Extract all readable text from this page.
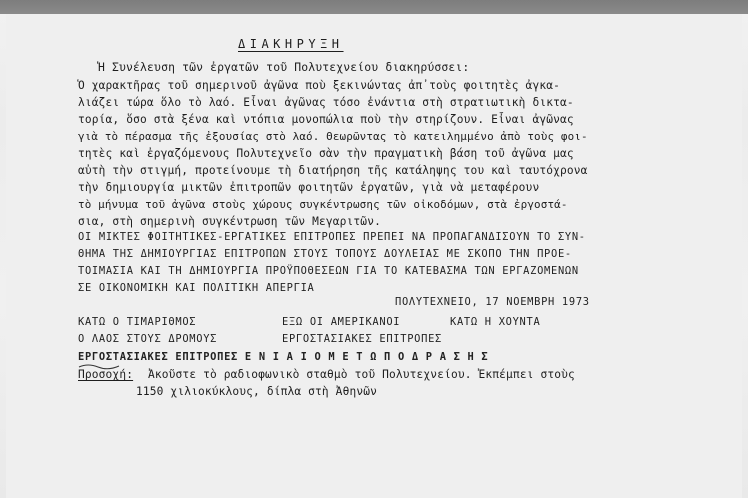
ΔΙΑΚΗΡΥΞΗ
Ἡ Συνέλευση τῶν ἐργατῶν τοῦ Πολυτεχνείου διακηρύσσει:
Ὁ χαρακτῆρας τοῦ σημερινοῦ ἀγῶνα ποὺ ξεκινώντας ἀπ᾽τοὺς φοιτητὲς ἀγκα-
λιάζει τώρα ὅλο τὸ λαό. Εἶναι ἀγῶνας τόσο ἐνάντια στὴ στρατιωτικὴ δικτα-
τορία, ὅσο στὰ ξένα καὶ ντόπια μονοπώλια ποὺ τὴν στηρίζουν. Εἶναι ἀγῶνας
γιὰ τὸ πέρασμα τῆς ἐξουσίας στὸ λαό. Θεωρῶντας τὸ κατειλημμένο ἀπὸ τοὺς φοι-
τητὲς καὶ ἐργαζόμενους Πολυτεχνεῖο σὰν τὴν πραγματικὴ βάση τοῦ ἀγῶνα μας
αὐτὴ τὴν στιγμή, προτείνουμε τὴ διατήρηση τῆς κατάληψης του καὶ ταυτόχρονα
τὴν δημιουργία μικτῶν ἐπιτροπῶν φοιτητῶν ἐργατῶν, γιὰ νὰ μεταφέρουν
τὸ μήνυμα τοῦ ἀγῶνα στοὺς χώρους συγκέντρωσης τῶν οἰκοδόμων, στὰ ἐργοστά-
σια, στὴ σημερινὴ συγκέντρωση τῶν Μεγαριτῶν.
ΟΙ ΜΙΚΤΕΣ ΦΟΙΤΗΤΙΚΕΣ-ΕΡΓΑΤΙΚΕΣ ΕΠΙΤΡΟΠΕΣ ΠΡΕΠΕΙ ΝΑ ΠΡΟΠΑΓΑΝΔΙΣΟΥΝ ΤΟ ΣΥΝ-
ΘΗΜΑ ΤΗΣ ΔΗΜΙΟΥΡΓΙΑΣ ΕΠΙΤΡΟΠΩΝ ΣΤΟΥΣ ΤΟΠΟΥΣ ΔΟΥΛΕΙΑΣ ΜΕ ΣΚΟΠΟ ΤΗΝ ΠΡΟΕ-
ΤΟΙΜΑΣΙΑ ΚΑΙ ΤΗ ΔΗΜΙΟΥΡΓΙΑ ΠΡΟΫΠΟΘΕΣΕΩΝ ΓΙΑ ΤΟ ΚΑΤΕΒΑΣΜΑ ΤΩΝ ΕΡΓΑΖΟΜΕΝΩΝ
ΣΕ ΟΙΚΟΝΟΜΙΚΗ ΚΑΙ ΠΟΛΙΤΙΚΗ ΑΠΕΡΓΙΑ
ΠΟΛΥΤΕΧΝΕΙΟ, 17 ΝΟΕΜΒΡΗ 1973
ΚΑΤΩ Ο ΤΙΜΑΡΙΘΜΟΣ	ΕΞΩ ΟΙ ΑΜΕΡΙΚΑΝΟΙ	ΚΑΤΩ Η ΧΟΥΝΤΑ
Ο ΛΑΟΣ ΣΤΟΥΣ ΔΡΟΜΟΥΣ	ΕΡΓΟΣΤΑΣΙΑΚΕΣ ΕΠΙΤΡΟΠΕΣ
ΕΡΓΟΣΤΑΣΙΑΚΕΣ ΕΠΙΤΡΟΠΕΣ Ε Ν Ι Α Ι Ο Μ Ε Τ Ω Π Ο Δ Ρ Α Σ Η Σ
Προσοχή: Ἀκοῦστε τὸ ραδιοφωνικὸ σταθμὸ τοῦ Πολυτεχνείου. Ἐκπέμπει στοὺς
1150 χιλιοκύκλους, δίπλα στὴ Ἀθηνῶν
